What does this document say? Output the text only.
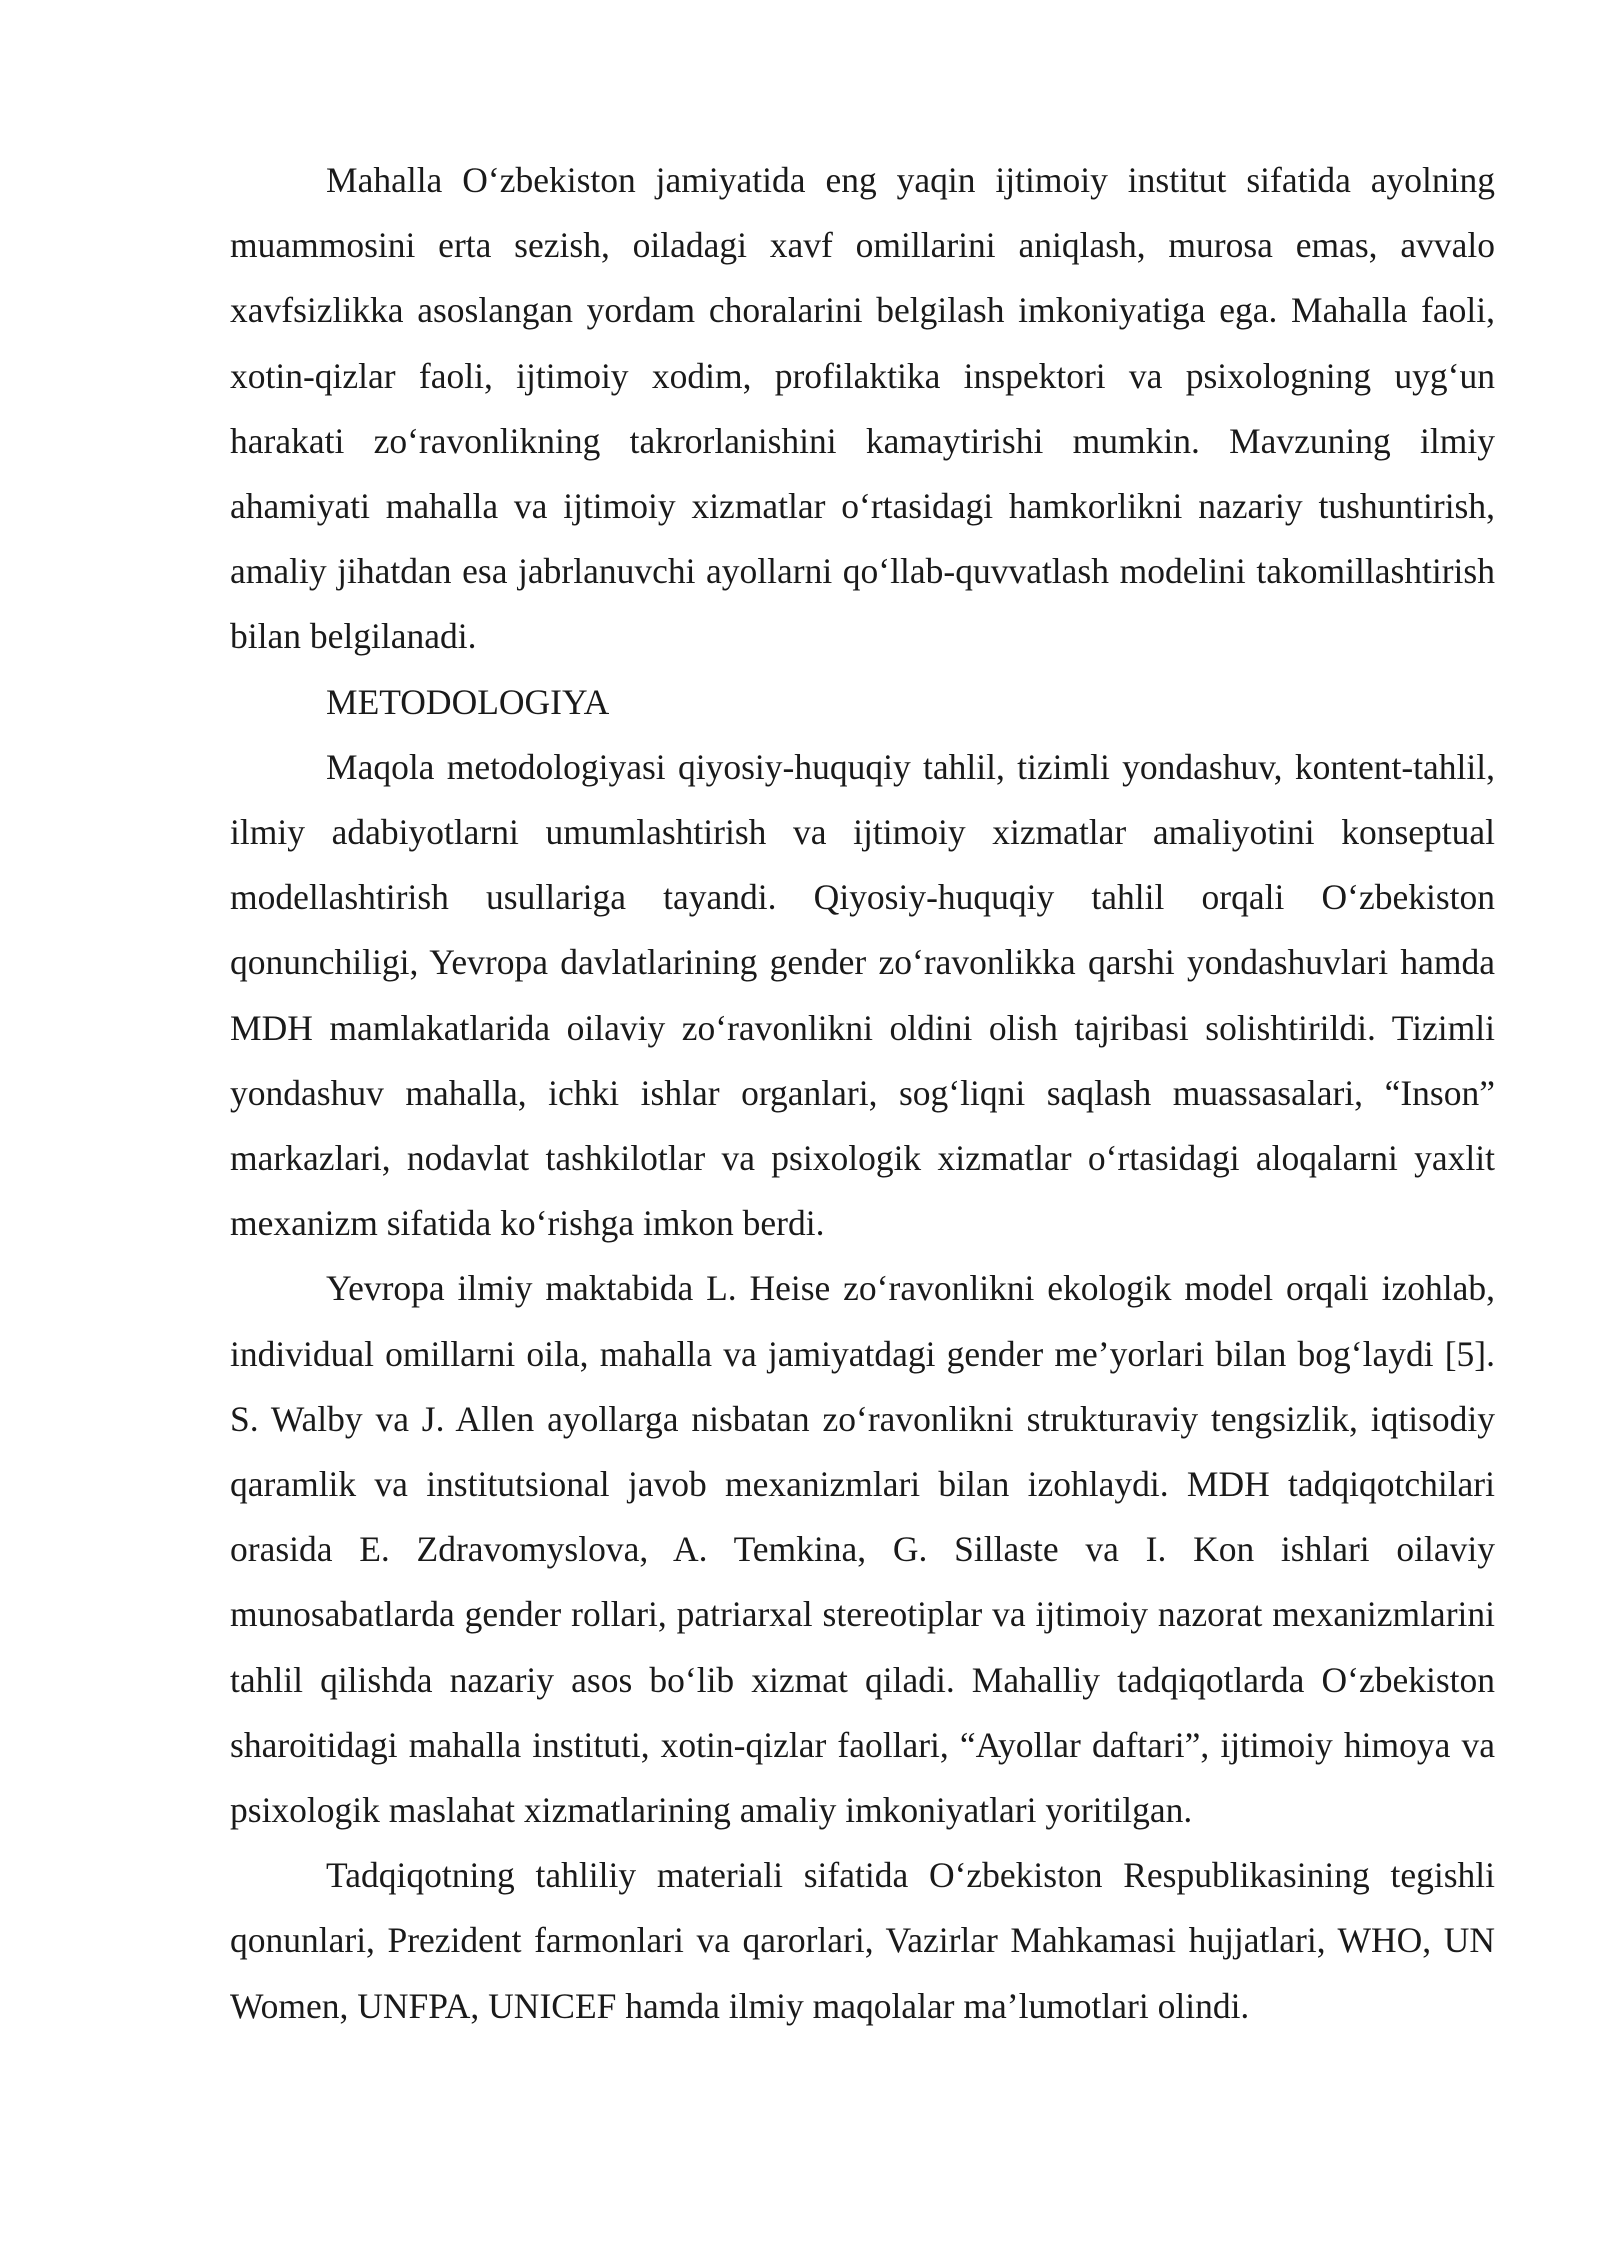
Mahalla O‘zbekiston jamiyatida eng yaqin ijtimoiy institut sifatida ayolning muammosini erta sezish, oiladagi xavf omillarini aniqlash, murosa emas, avvalo xavfsizlikka asoslangan yordam choralarini belgilash imkoniyatiga ega. Mahalla faoli, xotin-qizlar faoli, ijtimoiy xodim, profilaktika inspektori va psixologning uyg‘un harakati zo‘ravonlikning takrorlanishini kamaytirishi mumkin. Mavzuning ilmiy ahamiyati mahalla va ijtimoiy xizmatlar o‘rtasidagi hamkorlikni nazariy tushuntirish, amaliy jihatdan esa jabrlanuvchi ayollarni qo‘llab-quvvatlash modelini takomillashtirish bilan belgilanadi.

METODOLOGIYA

Maqola metodologiyasi qiyosiy-huquqiy tahlil, tizimli yondashuv, kontent-tahlil, ilmiy adabiyotlarni umumlashtirish va ijtimoiy xizmatlar amaliyotini konseptual modellashtirish usullariga tayandi. Qiyosiy-huquqiy tahlil orqali O‘zbekiston qonunchiligi, Yevropa davlatlarining gender zo‘ravonlikka qarshi yondashuvlari hamda MDH mamlakatlarida oilaviy zo‘ravonlikni oldini olish tajribasi solishtirildi. Tizimli yondashuv mahalla, ichki ishlar organlari, sog‘liqni saqlash muassasalari, “Inson” markazlari, nodavlat tashkilotlar va psixologik xizmatlar o‘rtasidagi aloqalarni yaxlit mexanizm sifatida ko‘rishga imkon berdi.

Yevropa ilmiy maktabida L. Heise zo‘ravonlikni ekologik model orqali izohlab, individual omillarni oila, mahalla va jamiyatdagi gender me’yorlari bilan bog‘laydi [5]. S. Walby va J. Allen ayollarga nisbatan zo‘ravonlikni strukturaviy tengsizlik, iqtisodiy qaramlik va institutsional javob mexanizmlari bilan izohlaydi. MDH tadqiqotchilari orasida E. Zdravomyslova, A. Temkina, G. Sillaste va I. Kon ishlari oilaviy munosabatlarda gender rollari, patriarxal stereotiplar va ijtimoiy nazorat mexanizmlarini tahlil qilishda nazariy asos bo‘lib xizmat qiladi. Mahalliy tadqiqotlarda O‘zbekiston sharoitidagi mahalla instituti, xotin-qizlar faollari, “Ayollar daftari”, ijtimoiy himoya va psixologik maslahat xizmatlarining amaliy imkoniyatlari yoritilgan.

Tadqiqotning tahliliy materiali sifatida O‘zbekiston Respublikasining tegishli qonunlari, Prezident farmonlari va qarorlari, Vazirlar Mahkamasi hujjatlari, WHO, UN Women, UNFPA, UNICEF hamda ilmiy maqolalar ma’lumotlari olindi.
